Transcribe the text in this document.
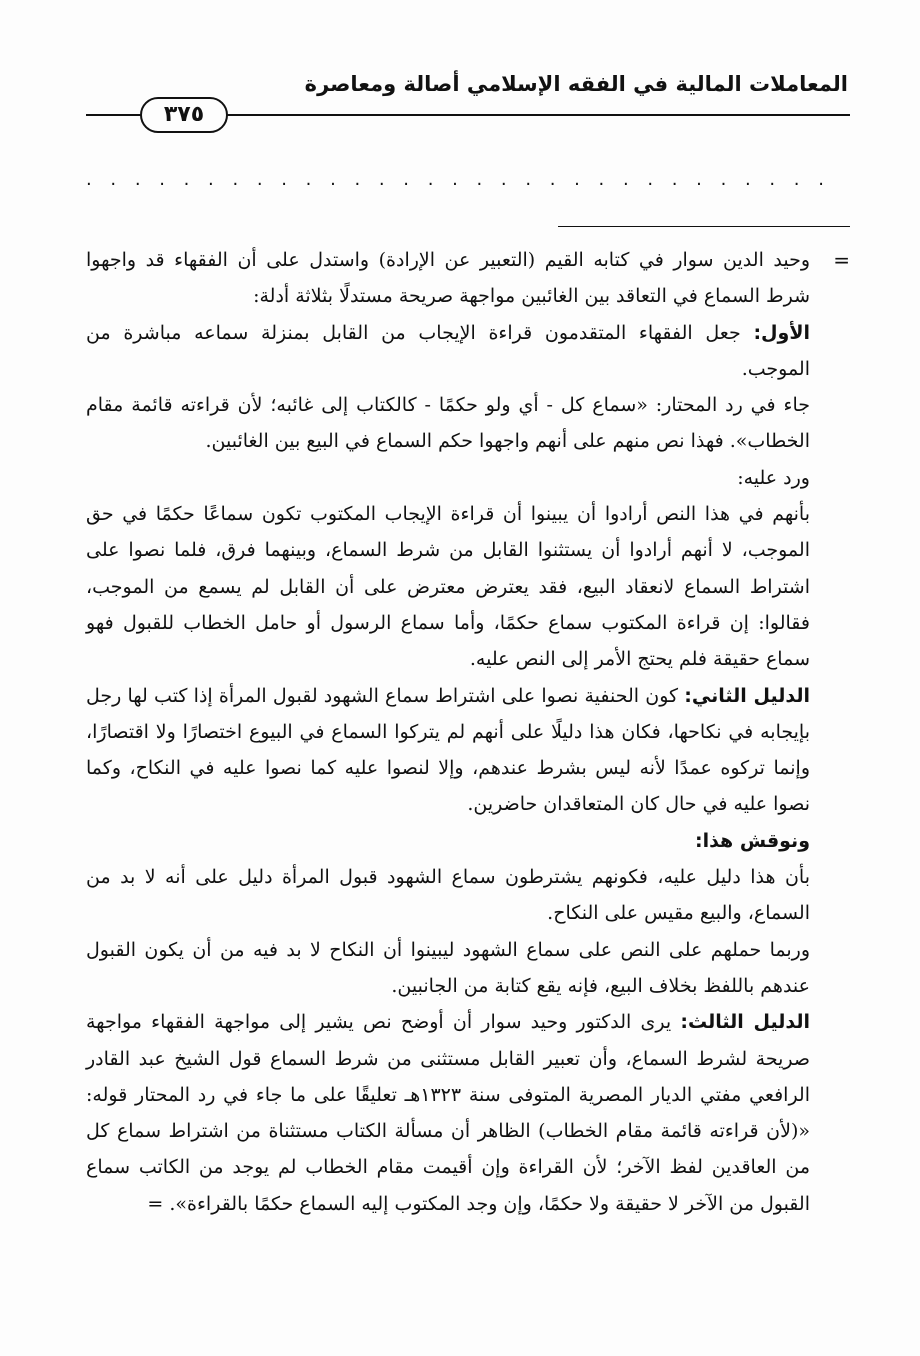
المعاملات المالية في الفقه الإسلامي أصالة ومعاصرة
٣٧٥
. . . . . . . . . . . . . . . . . . . . . . . . . . . . . . .
=

وحيد الدين سوار في كتابه القيم (التعبير عن الإرادة) واستدل على أن الفقهاء قد واجهوا شرط السماع في التعاقد بين الغائبين مواجهة صريحة مستدلًا بثلاثة أدلة:

الأول: جعل الفقهاء المتقدمون قراءة الإيجاب من القابل بمنزلة سماعه مباشرة من الموجب.

جاء في رد المحتار: «سماع كل - أي ولو حكمًا - كالكتاب إلى غائبه؛ لأن قراءته قائمة مقام الخطاب». فهذا نص منهم على أنهم واجهوا حكم السماع في البيع بين الغائبين.

ورد عليه:

بأنهم في هذا النص أرادوا أن يبينوا أن قراءة الإيجاب المكتوب تكون سماعًا حكمًا في حق الموجب، لا أنهم أرادوا أن يستثنوا القابل من شرط السماع، وبينهما فرق، فلما نصوا على اشتراط السماع لانعقاد البيع، فقد يعترض معترض على أن القابل لم يسمع من الموجب، فقالوا: إن قراءة المكتوب سماع حكمًا، وأما سماع الرسول أو حامل الخطاب للقبول فهو سماع حقيقة فلم يحتج الأمر إلى النص عليه.

الدليل الثاني: كون الحنفية نصوا على اشتراط سماع الشهود لقبول المرأة إذا كتب لها رجل بإيجابه في نكاحها، فكان هذا دليلًا على أنهم لم يتركوا السماع في البيوع اختصارًا ولا اقتصارًا، وإنما تركوه عمدًا لأنه ليس بشرط عندهم، وإلا لنصوا عليه كما نصوا عليه في النكاح، وكما نصوا عليه في حال كان المتعاقدان حاضرين.

ونوقش هذا:

بأن هذا دليل عليه، فكونهم يشترطون سماع الشهود قبول المرأة دليل على أنه لا بد من السماع، والبيع مقيس على النكاح.

وربما حملهم على النص على سماع الشهود ليبينوا أن النكاح لا بد فيه من أن يكون القبول عندهم باللفظ بخلاف البيع، فإنه يقع كتابة من الجانبين.

الدليل الثالث: يرى الدكتور وحيد سوار أن أوضح نص يشير إلى مواجهة الفقهاء مواجهة صريحة لشرط السماع، وأن تعبير القابل مستثنى من شرط السماع قول الشيخ عبد القادر الرافعي مفتي الديار المصرية المتوفى سنة ١٣٢٣هـ تعليقًا على ما جاء في رد المحتار قوله: «(لأن قراءته قائمة مقام الخطاب) الظاهر أن مسألة الكتاب مستثناة من اشتراط سماع كل من العاقدين لفظ الآخر؛ لأن القراءة وإن أقيمت مقام الخطاب لم يوجد من الكاتب سماع القبول من الآخر لا حقيقة ولا حكمًا، وإن وجد المكتوب إليه السماع حكمًا بالقراءة». =
